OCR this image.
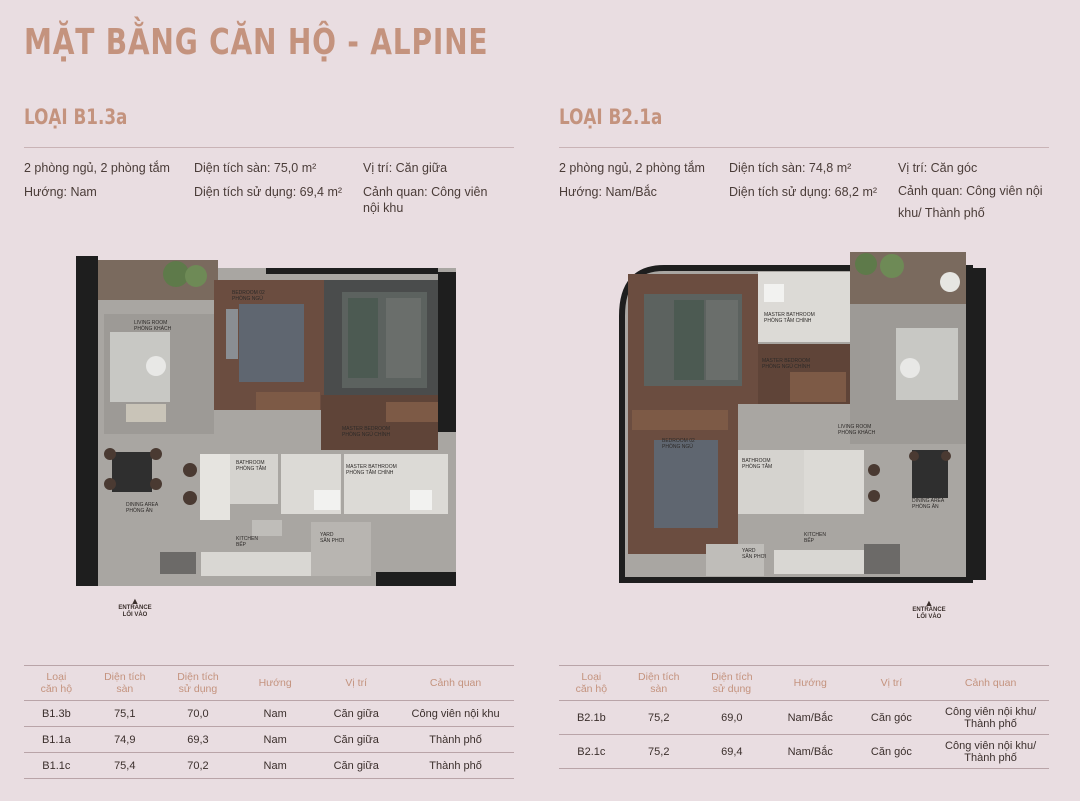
MẶT BẰNG CĂN HỘ - ALPINE
LOẠI B1.3a
2 phòng ngủ, 2 phòng tắm
Hướng: Nam
Diện tích sàn: 75,0 m²
Diện tích sử dụng: 69,4 m²
Vị trí: Căn giữa
Cảnh quan: Công viên nội khu
LIVING ROOM PHÒNG KHÁCH
BEDROOM 02 PHÒNG NGỦ
MASTER BEDROOM PHÒNG NGỦ CHÍNH
BATHROOM PHÒNG TẮM	MASTER BATHROOM PHÒNG TẮM CHÍNH
DINING AREA PHÒNG ĂN
KITCHEN BẾP
YARD SÂN PHƠI
▲
ENTRANCE
LỐI VÀO
Loại
căn hộ	Diện tích
sàn	Diện tích
sử dụng	Hướng	Vị trí	Cảnh quan
B1.3b	75,1	70,0	Nam	Căn giữa	Công viên nội khu
B1.1a	74,9	69,3	Nam	Căn giữa	Thành phố
B1.1c	75,4	70,2	Nam	Căn giữa	Thành phố
LOẠI B2.1a
2 phòng ngủ, 2 phòng tắm
Hướng: Nam/Bắc
Diện tích sàn: 74,8 m²
Diện tích sử dụng: 68,2 m²
Vị trí: Căn góc
Cảnh quan: Công viên nội khu/ Thành phố
MASTER BATHROOM PHÒNG TẮM CHÍNH
MASTER BEDROOM PHÒNG NGỦ CHÍNH
LIVING ROOM PHÒNG KHÁCH
BEDROOM 02 PHÒNG NGỦ
BATHROOM PHÒNG TẮM
DINING AREA PHÒNG ĂN
KITCHEN BẾP
YARD SÂN PHƠI
▲
ENTRANCE
LỐI VÀO
Loại
căn hộ	Diện tích
sàn	Diện tích
sử dụng	Hướng	Vị trí	Cảnh quan
B2.1b	75,2	69,0	Nam/Bắc	Căn góc	Công viên nội khu/
Thành phố
B2.1c	75,2	69,4	Nam/Bắc	Căn góc	Công viên nội khu/
Thành phố
